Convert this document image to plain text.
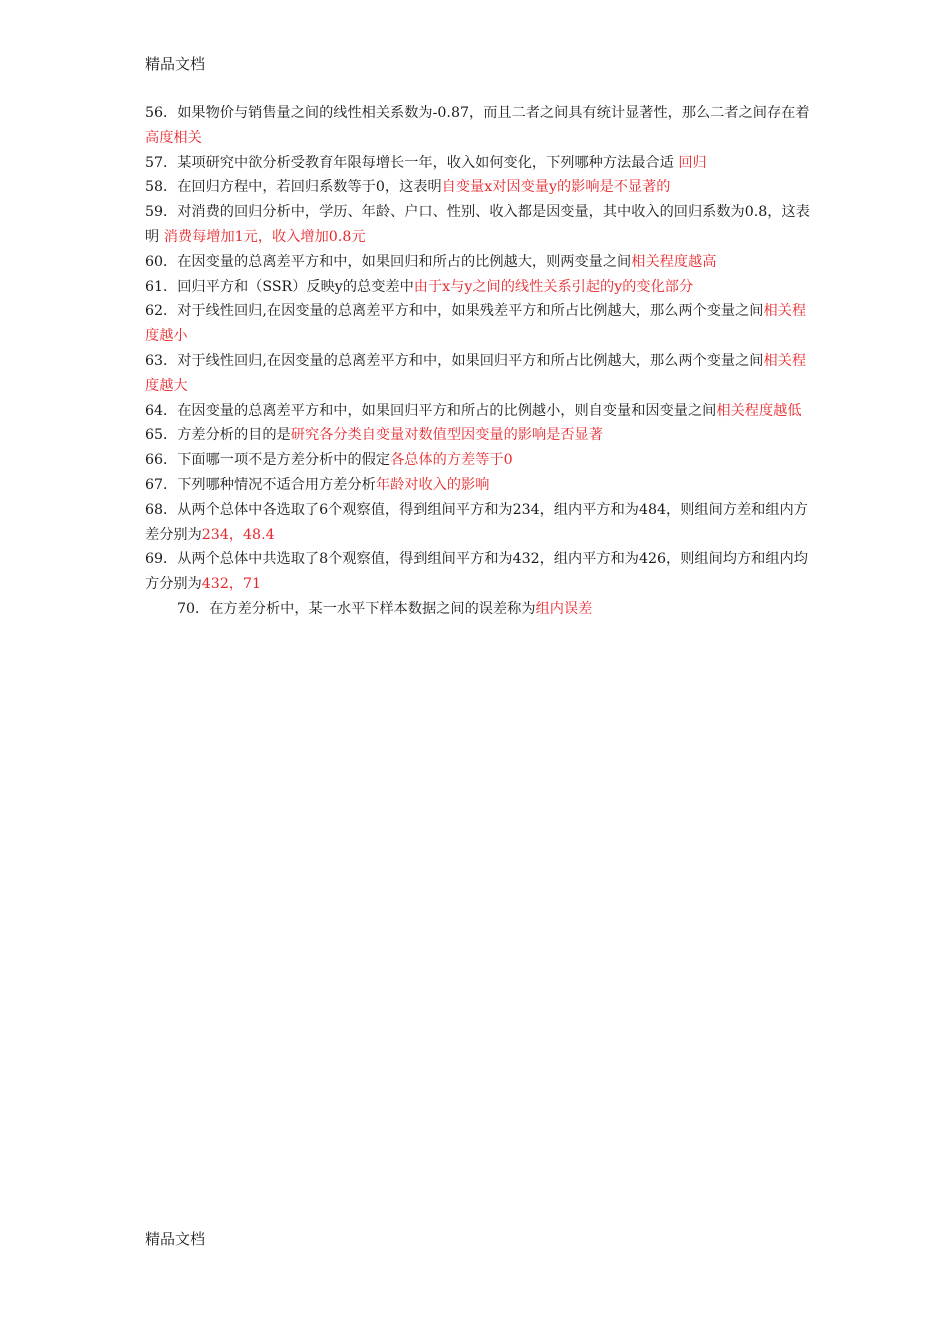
精品文档

56．如果物价与销售量之间的线性相关系数为-0.87，而且二者之间具有统计显著性，那么二者之间存在着高度相关

57．某项研究中欲分析受教育年限每增长一年，收入如何变化，下列哪种方法最合适 回归

58．在回归方程中，若回归系数等于0，这表明自变量x对因变量y的影响是不显著的

59．对消费的回归分析中，学历、年龄、户口、性别、收入都是因变量，其中收入的回归系数为0.8，这表明 消费每增加1元，收入增加0.8元

60．在因变量的总离差平方和中，如果回归和所占的比例越大，则两变量之间相关程度越高

61．回归平方和（SSR）反映y的总变差中由于x与y之间的线性关系引起的y的变化部分

62．对于线性回归,在因变量的总离差平方和中，如果残差平方和所占比例越大，那么两个变量之间相关程度越小

63．对于线性回归,在因变量的总离差平方和中，如果回归平方和所占比例越大，那么两个变量之间相关程度越大

64．在因变量的总离差平方和中，如果回归平方和所占的比例越小，则自变量和因变量之间相关程度越低

65．方差分析的目的是研究各分类自变量对数值型因变量的影响是否显著

66．下面哪一项不是方差分析中的假定各总体的方差等于0

67．下列哪种情况不适合用方差分析年龄对收入的影响

68．从两个总体中各选取了6个观察值，得到组间平方和为234，组内平方和为484，则组间方差和组内方差分别为234，48.4

69．从两个总体中共选取了8个观察值，得到组间平方和为432，组内平方和为426，则组间均方和组内均方分别为432，71

70．在方差分析中，某一水平下样本数据之间的误差称为组内误差

精品文档
